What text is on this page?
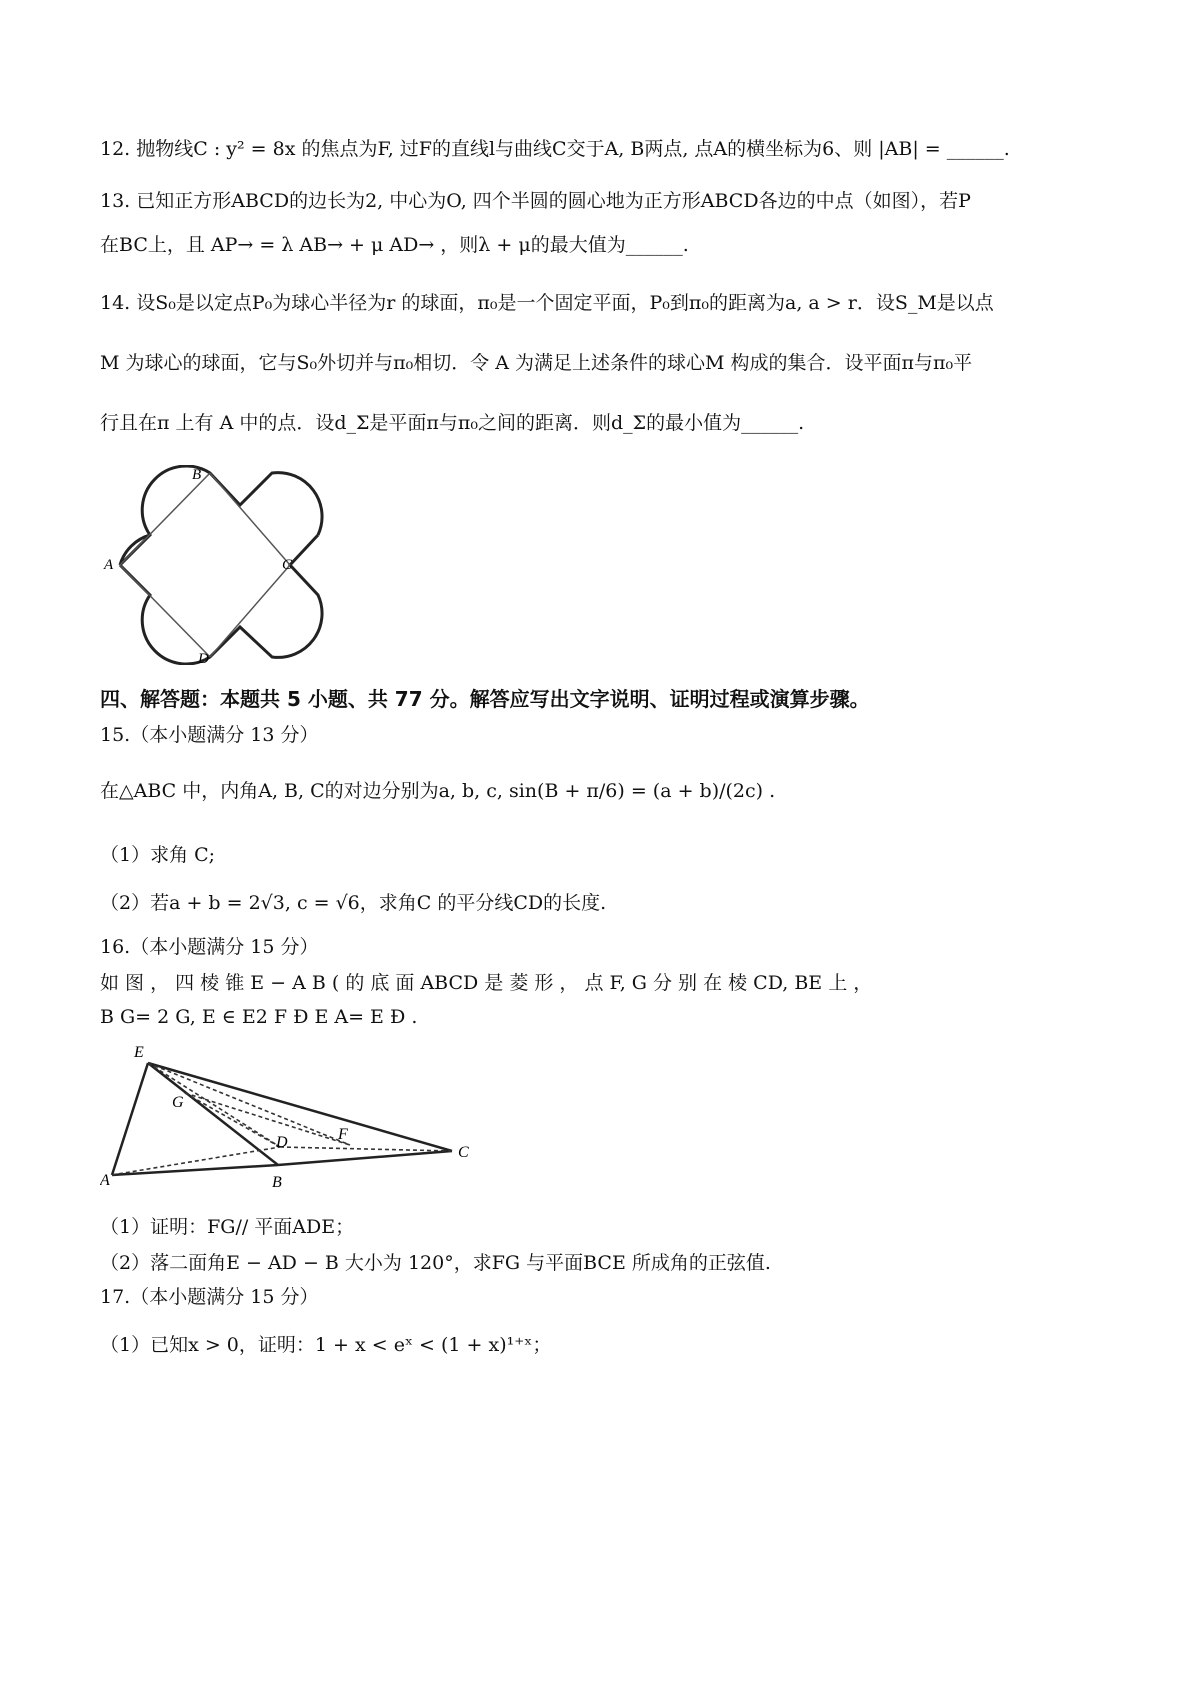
12. 抛物线C : y² = 8x 的焦点为F, 过F的直线l与曲线C交于A, B两点, 点A的横坐标为6、则 |AB| = ______.
13. 已知正方形ABCD的边长为2, 中心为O, 四个半圆的圆心地为正方形ABCD各边的中点（如图），若P
在BC上，且 AP→ = λ AB→ + μ AD→ ，则λ + μ的最大值为______.
14. 设S₀是以定点P₀为球心半径为r 的球面，π₀是一个固定平面，P₀到π₀的距离为a, a > r．设S_M是以点
M 为球心的球面，它与S₀外切并与π₀相切．令 A 为满足上述条件的球心M 构成的集合．设平面π与π₀平
行且在π 上有 A 中的点．设d_Σ是平面π与π₀之间的距离．则d_Σ的最小值为______.
B
A	C
D
四、解答题：本题共 5 小题、共 77 分。解答应写出文字说明、证明过程或演算步骤。
15.（本小题满分 13 分）
在△ABC 中，内角A, B, C的对边分别为a, b, c, sin(B + π/6) = (a + b)/(2c) .
（1）求角 C;
（2）若a + b = 2√3, c = √6，求角C 的平分线CD的长度.
16.（本小题满分 15 分）
如 图 ， 四 棱 锥 E − A B ( 的 底 面 ABCD 是 菱 形 ， 点 F, G 分 别 在 棱 CD, BE 上 ，
B G= 2 G, E ∈ E2 F Ð E A= E Ð .
E
G
F
D
C
A	B
（1）证明：FG// 平面ADE；
（2）落二面角E − AD − B 大小为 120°，求FG 与平面BCE 所成角的正弦值.
17.（本小题满分 15 分）
（1）已知x > 0，证明：1 + x < eˣ < (1 + x)¹⁺ˣ；
